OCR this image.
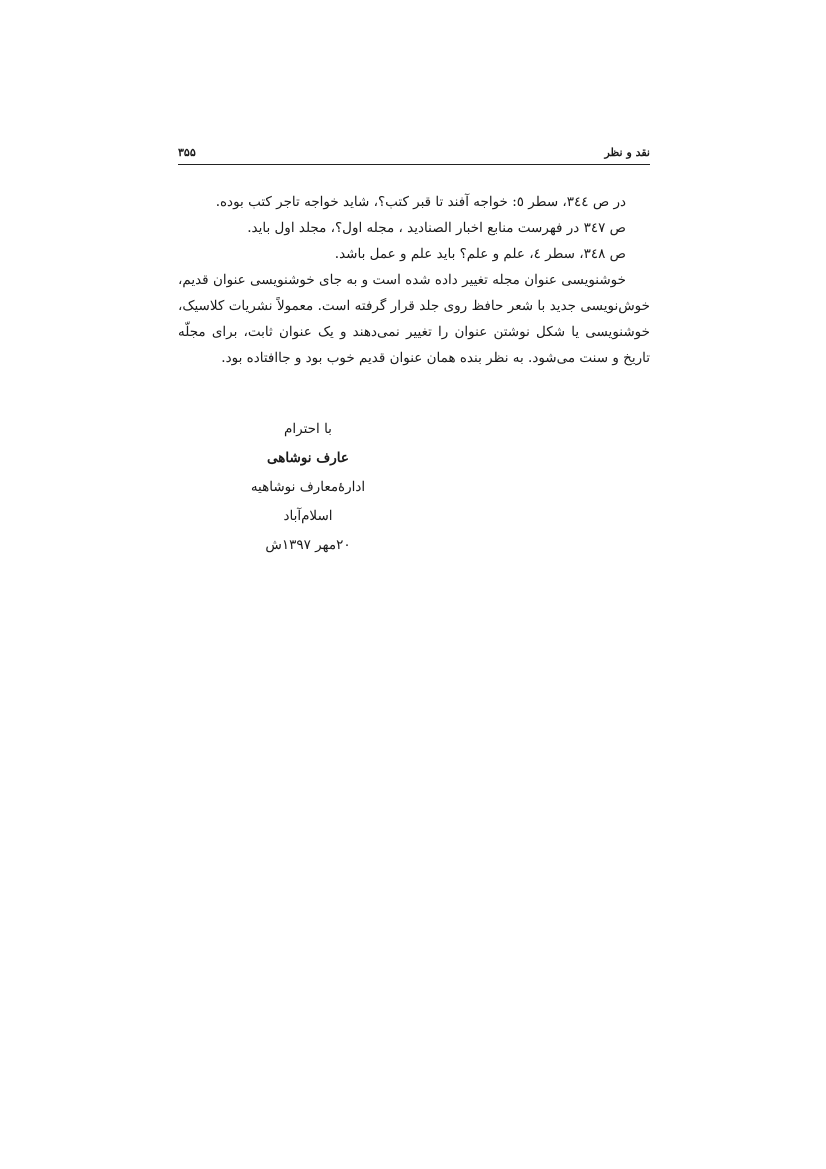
۳۵۵	نقد و نظر

در ص ٣٤٤، سطر ٥: خواجه آفند تا قبر کتب؟، شاید خواجه تاجر کتب بوده.

ص ٣٤٧ در فهرست منابع اخبار الصنادید ، مجله اول؟، مجلد اول باید.

ص ٣٤٨، سطر ٤، علم و علم؟ باید علم و عمل باشد.

خوشنویسی عنوان مجله تغییر داده شده است و به جای خوشنویسی عنوان قدیم، خوش‌نویسی جدید با شعر حافظ روی جلد قرار گرفته است. معمولاً نشریات کلاسیک، خوشنویسی یا شکل نوشتن عنوان را تغییر نمی‌دهند و یک عنوان ثابت، برای مجلّه تاریخ و سنت می‌شود. به نظر بنده همان عنوان قدیم خوب بود و جاافتاده بود.

با احترام
عارف نوشاهی
ادارۀمعارف نوشاهیه
اسلام‌آباد
۲۰مهر ۱۳۹۷ش
